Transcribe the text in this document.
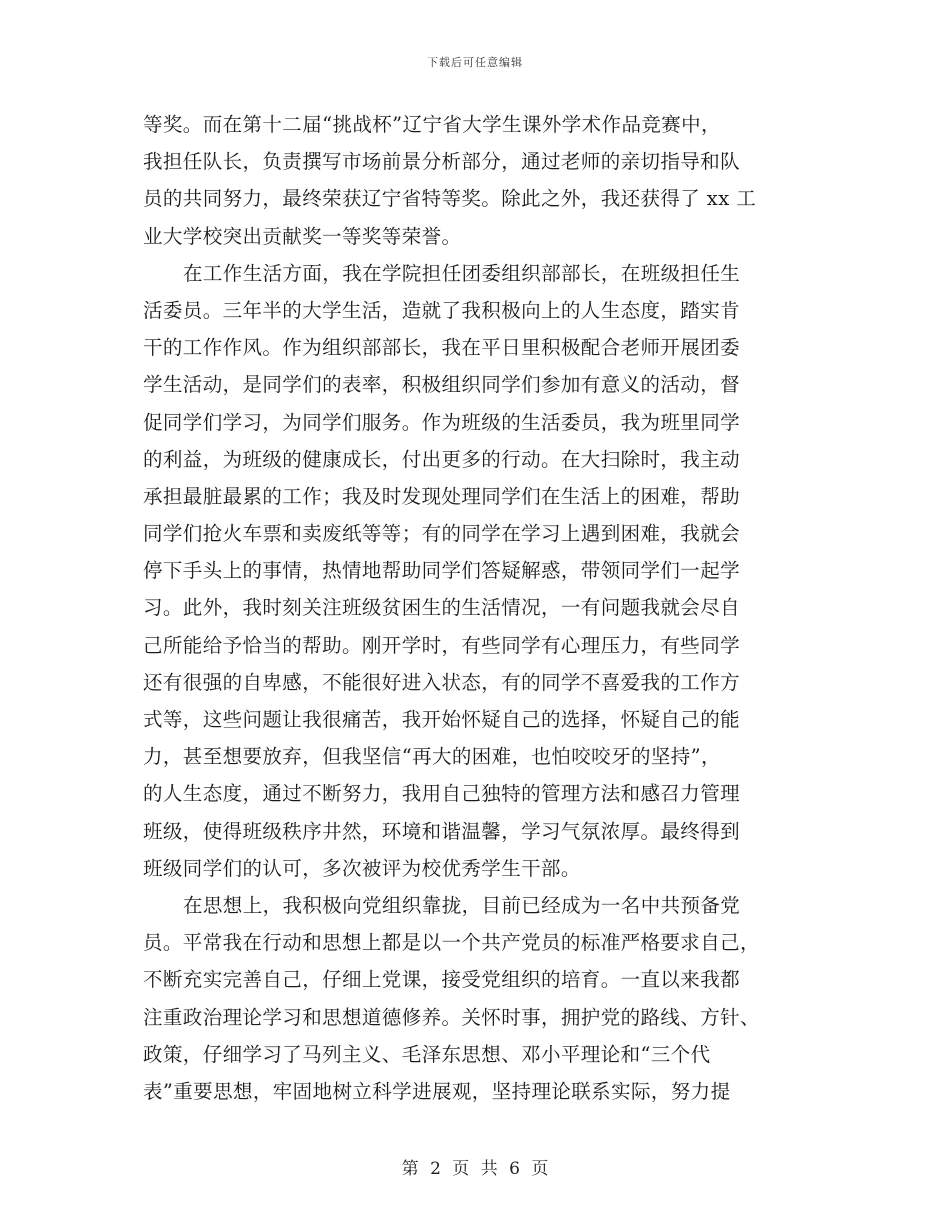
下载后可任意编辑
等奖。而在第十二届“挑战杯”辽宁省大学生课外学术作品竞赛中，
我担任队长，负责撰写市场前景分析部分，通过老师的亲切指导和队
员的共同努力，最终荣获辽宁省特等奖。除此之外，我还获得了 xx 工
业大学校突出贡献奖一等奖等荣誉。
在工作生活方面，我在学院担任团委组织部部长，在班级担任生
活委员。三年半的大学生活，造就了我积极向上的人生态度，踏实肯
干的工作作风。作为组织部部长，我在平日里积极配合老师开展团委
学生活动，是同学们的表率，积极组织同学们参加有意义的活动，督
促同学们学习，为同学们服务。作为班级的生活委员，我为班里同学
的利益，为班级的健康成长，付出更多的行动。在大扫除时，我主动
承担最脏最累的工作；我及时发现处理同学们在生活上的困难，帮助
同学们抢火车票和卖废纸等等；有的同学在学习上遇到困难，我就会
停下手头上的事情，热情地帮助同学们答疑解惑，带领同学们一起学
习。此外，我时刻关注班级贫困生的生活情况，一有问题我就会尽自
己所能给予恰当的帮助。刚开学时，有些同学有心理压力，有些同学
还有很强的自卑感，不能很好进入状态，有的同学不喜爱我的工作方
式等，这些问题让我很痛苦，我开始怀疑自己的选择，怀疑自己的能
力，甚至想要放弃，但我坚信“再大的困难，也怕咬咬牙的坚持”，
的人生态度，通过不断努力，我用自己独特的管理方法和感召力管理
班级，使得班级秩序井然，环境和谐温馨，学习气氛浓厚。最终得到
班级同学们的认可，多次被评为校优秀学生干部。
在思想上，我积极向党组织靠拢，目前已经成为一名中共预备党
员。平常我在行动和思想上都是以一个共产党员的标准严格要求自己，
不断充实完善自己，仔细上党课，接受党组织的培育。一直以来我都
注重政治理论学习和思想道德修养。关怀时事，拥护党的路线、方针、
政策，仔细学习了马列主义、毛泽东思想、邓小平理论和“三个代
表”重要思想，牢固地树立科学进展观，坚持理论联系实际，努力提
第 2 页 共 6 页
